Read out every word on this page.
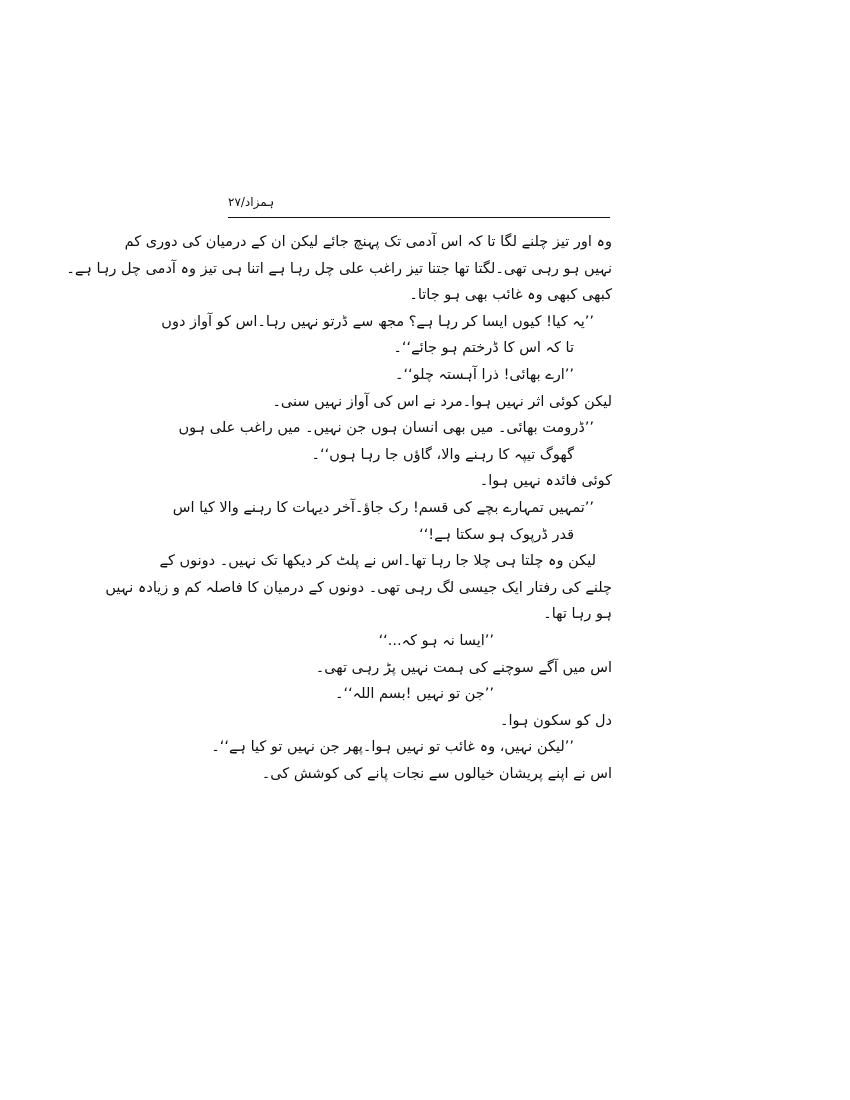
ہمزاد/۲۷
وہ اور تیز چلنے لگا تا کہ اس آدمی تک پہنچ جائے لیکن ان کے درمیان کی دوری کم
نہیں ہو رہی تھی۔لگتا تھا جتنا تیز راغب علی چل رہا ہے اتنا ہی تیز وہ آدمی چل رہا ہے۔
کبھی کبھی وہ غائب بھی ہو جاتا۔
’’یہ کیا! کیوں ایسا کر رہا ہے؟ مجھ سے ڈرتو نہیں رہا۔اس کو آواز دوں
تا کہ اس کا ڈرختم ہو جائے‘‘۔
’’ارے بھائی! ذرا آہستہ چلو‘‘۔
لیکن کوئی اثر نہیں ہوا۔مرد نے اس کی آواز نہیں سنی۔
’’ڈرومت بھائی۔ میں بھی انسان ہوں جن نہیں۔ میں راغب علی ہوں
گھوگ تیپہ کا رہنے والا، گاؤں جا رہا ہوں‘‘۔
کوئی فائدہ نہیں ہوا۔
’’تمہیں تمہارے بچے کی قسم! رک جاؤ۔آخر دیہات کا رہنے والا کیا اس
قدر ڈرپوک ہو سکتا ہے!‘‘
لیکن وہ چلتا ہی چلا جا رہا تھا۔اس نے پلٹ کر دیکھا تک نہیں۔ دونوں کے
چلنے کی رفتار ایک جیسی لگ رہی تھی۔ دونوں کے درمیان کا فاصلہ کم و زیادہ نہیں
ہو رہا تھا۔
’’ایسا نہ ہو کہ...‘‘
اس میں آگے سوچنے کی ہمت نہیں پڑ رہی تھی۔
’’جن تو نہیں !بسم اللہ‘‘۔
دل کو سکون ہوا۔
’’لیکن نہیں، وہ غائب تو نہیں ہوا۔پھر جن نہیں تو کیا ہے‘‘۔
اس نے اپنے پریشان خیالوں سے نجات پانے کی کوشش کی۔
